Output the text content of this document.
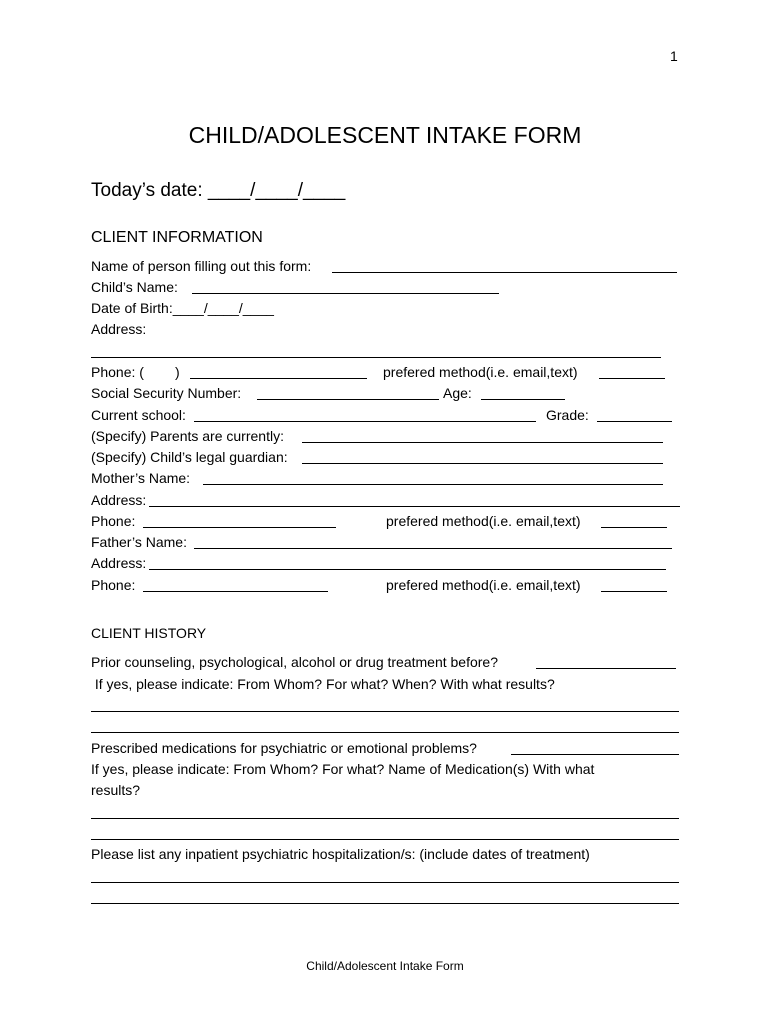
1
CHILD/ADOLESCENT INTAKE FORM
Today’s date: ____/____/____
CLIENT INFORMATION
Name of person filling out this form:
Child’s Name:
Date of Birth:____/____/____
Address:
Phone: (        )	prefered method(i.e. email,text)
Social Security Number:	Age:
Current school:	Grade:
(Specify) Parents are currently:
(Specify) Child’s legal guardian:
Mother’s Name:
Address:
Phone:	prefered method(i.e. email,text)
Father’s Name:
Address:
Phone:	prefered method(i.e. email,text)
CLIENT HISTORY
Prior counseling, psychological, alcohol or drug treatment before?
If yes, please indicate: From Whom? For what? When? With what results?
Prescribed medications for psychiatric or emotional problems?
If yes, please indicate: From Whom? For what? Name of Medication(s) With what
results?
Please list any inpatient psychiatric hospitalization/s: (include dates of treatment)
Child/Adolescent Intake Form
